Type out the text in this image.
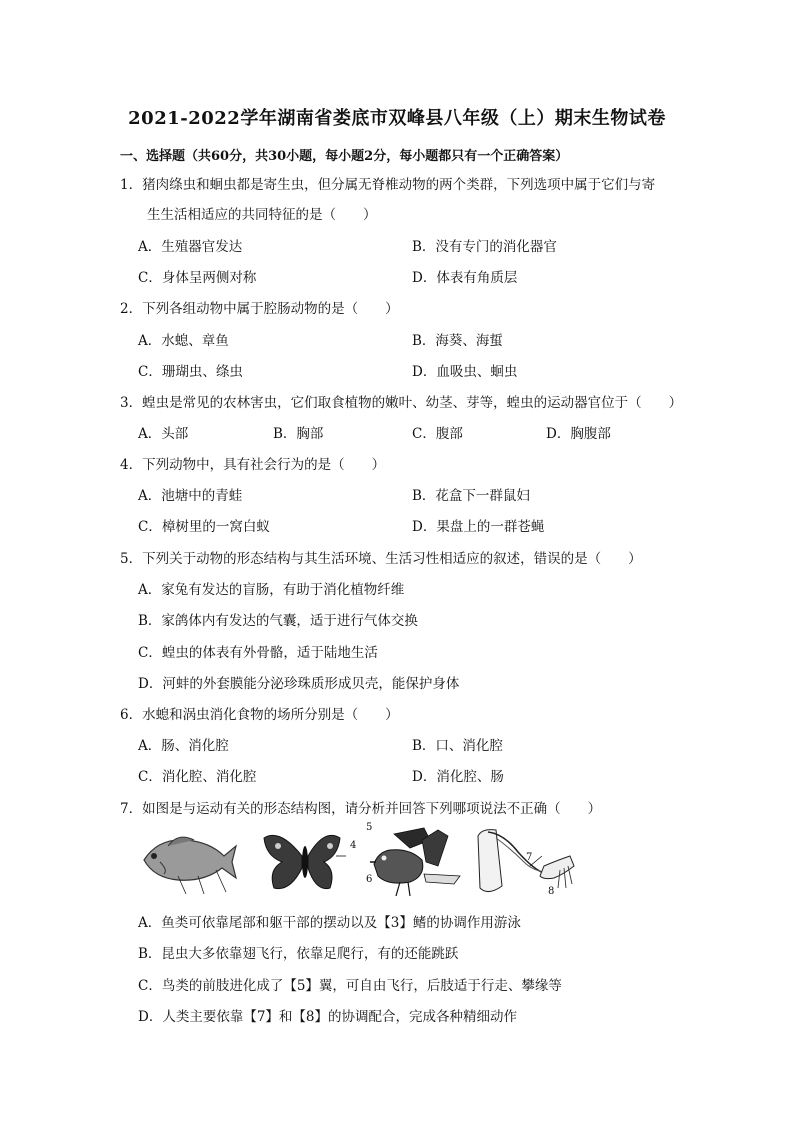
2021-2022学年湖南省娄底市双峰县八年级（上）期末生物试卷
一、选择题（共60分，共30小题，每小题2分，每小题都只有一个正确答案）
1．猪肉绦虫和蛔虫都是寄生虫，但分属无脊椎动物的两个类群，下列选项中属于它们与寄
生生活相适应的共同特征的是（　　）
A．生殖器官发达	B．没有专门的消化器官
C．身体呈两侧对称	D．体表有角质层
2．下列各组动物中属于腔肠动物的是（　　）
A．水螅、章鱼	B．海葵、海蜇
C．珊瑚虫、绦虫	D．血吸虫、蛔虫
3．蝗虫是常见的农林害虫，它们取食植物的嫩叶、幼茎、芽等，蝗虫的运动器官位于（　　）
A．头部	B．胸部	C．腹部	D．胸腹部
4．下列动物中，具有社会行为的是（　　）
A．池塘中的青蛙	B．花盒下一群鼠妇
C．樟树里的一窝白蚁	D．果盘上的一群苍蝇
5．下列关于动物的形态结构与其生活环境、生活习性相适应的叙述，错误的是（　　）
A．家兔有发达的盲肠，有助于消化植物纤维
B．家鸽体内有发达的气囊，适于进行气体交换
C．蝗虫的体表有外骨骼，适于陆地生活
D．河蚌的外套膜能分泌珍珠质形成贝壳，能保护身体
6．水螅和涡虫消化食物的场所分别是（　　）
A．肠、消化腔	B．口、消化腔
C．消化腔、消化腔	D．消化腔、肠
7．如图是与运动有关的形态结构图，请分析并回答下列哪项说法不正确（　　）
4
5
6
7
8
A．鱼类可依靠尾部和躯干部的摆动以及【3】鳍的协调作用游泳
B．昆虫大多依靠翅飞行，依靠足爬行，有的还能跳跃
C．鸟类的前肢进化成了【5】翼，可自由飞行，后肢适于行走、攀缘等
D．人类主要依靠【7】和【8】的协调配合，完成各种精细动作
